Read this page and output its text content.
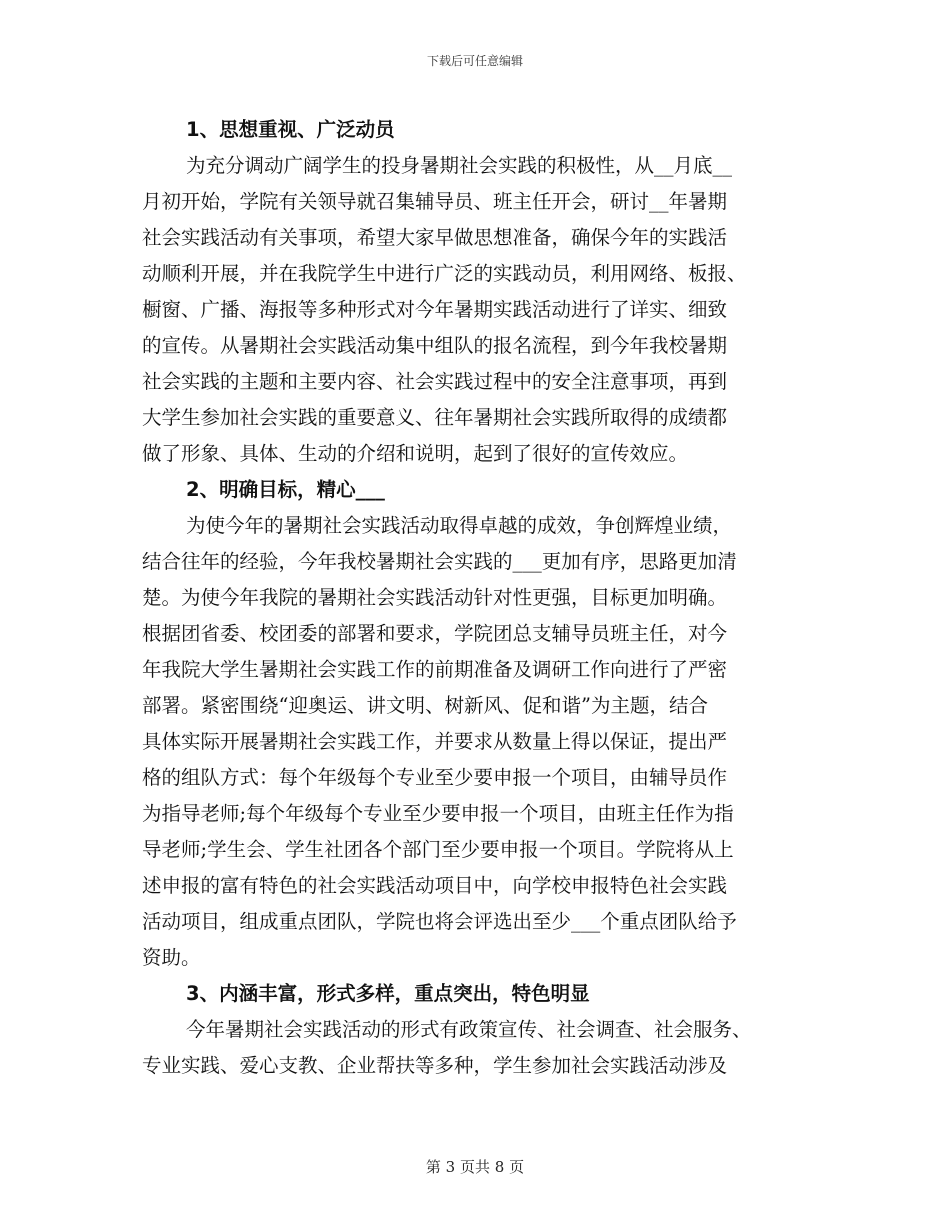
下载后可任意编辑
1、思想重视、广泛动员
为充分调动广阔学生的投身暑期社会实践的积极性，从__月底__
月初开始，学院有关领导就召集辅导员、班主任开会，研讨__年暑期
社会实践活动有关事项，希望大家早做思想准备，确保今年的实践活
动顺利开展，并在我院学生中进行广泛的实践动员，利用网络、板报、
橱窗、广播、海报等多种形式对今年暑期实践活动进行了详实、细致
的宣传。从暑期社会实践活动集中组队的报名流程，到今年我校暑期
社会实践的主题和主要内容、社会实践过程中的安全注意事项，再到
大学生参加社会实践的重要意义、往年暑期社会实践所取得的成绩都
做了形象、具体、生动的介绍和说明，起到了很好的宣传效应。
2、明确目标，精心___
为使今年的暑期社会实践活动取得卓越的成效，争创辉煌业绩，
结合往年的经验，今年我校暑期社会实践的___更加有序，思路更加清
楚。为使今年我院的暑期社会实践活动针对性更强，目标更加明确。
根据团省委、校团委的部署和要求，学院团总支辅导员班主任，对今
年我院大学生暑期社会实践工作的前期准备及调研工作向进行了严密
部署。紧密围绕“迎奥运、讲文明、树新风、促和谐”为主题，结合
具体实际开展暑期社会实践工作，并要求从数量上得以保证，提出严
格的组队方式：每个年级每个专业至少要申报一个项目，由辅导员作
为指导老师;每个年级每个专业至少要申报一个项目，由班主任作为指
导老师;学生会、学生社团各个部门至少要申报一个项目。学院将从上
述申报的富有特色的社会实践活动项目中，向学校申报特色社会实践
活动项目，组成重点团队，学院也将会评选出至少___个重点团队给予
资助。
3、内涵丰富，形式多样，重点突出，特色明显
今年暑期社会实践活动的形式有政策宣传、社会调查、社会服务、
专业实践、爱心支教、企业帮扶等多种，学生参加社会实践活动涉及
第 3 页共 8 页
